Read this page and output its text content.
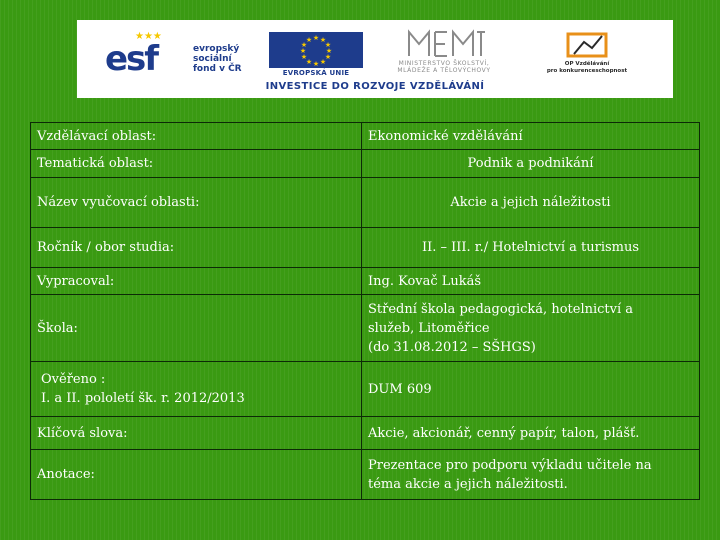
★★★
esf	evropský
sociální
fond v ČR
★ ★
★
★
★
★
★
★
★
★
★
★
EVROPSKÁ UNIE
MINISTERSTVO ŠKOLSTVÍ,
MLÁDEŽE A TĚLOVÝCHOVY
OP Vzdělávání
pro konkurenceschopnost
INVESTICE DO ROZVOJE VZDĚLÁVÁNÍ
Vzdělávací oblast:	Ekonomické vzdělávání
Tematická oblast:	Podnik a podnikání
Název vyučovací oblasti:	Akcie a jejich náležitosti
Ročník / obor studia:	II. – III. r./ Hotelnictví a turismus
Vypracoval:	Ing. Kovač Lukáš
Škola:	Střední škola pedagogická, hotelnictví a
služeb, Litoměřice
(do 31.08.2012 – SŠHGS)

Ověřeno :
I. a II. pololetí šk. r. 2012/2013	DUM 609
Klíčová slova:	Akcie, akcionář, cenný papír, talon, plášť.
Anotace:	Prezentace pro podporu výkladu učitele na
téma akcie a jejich náležitosti.
